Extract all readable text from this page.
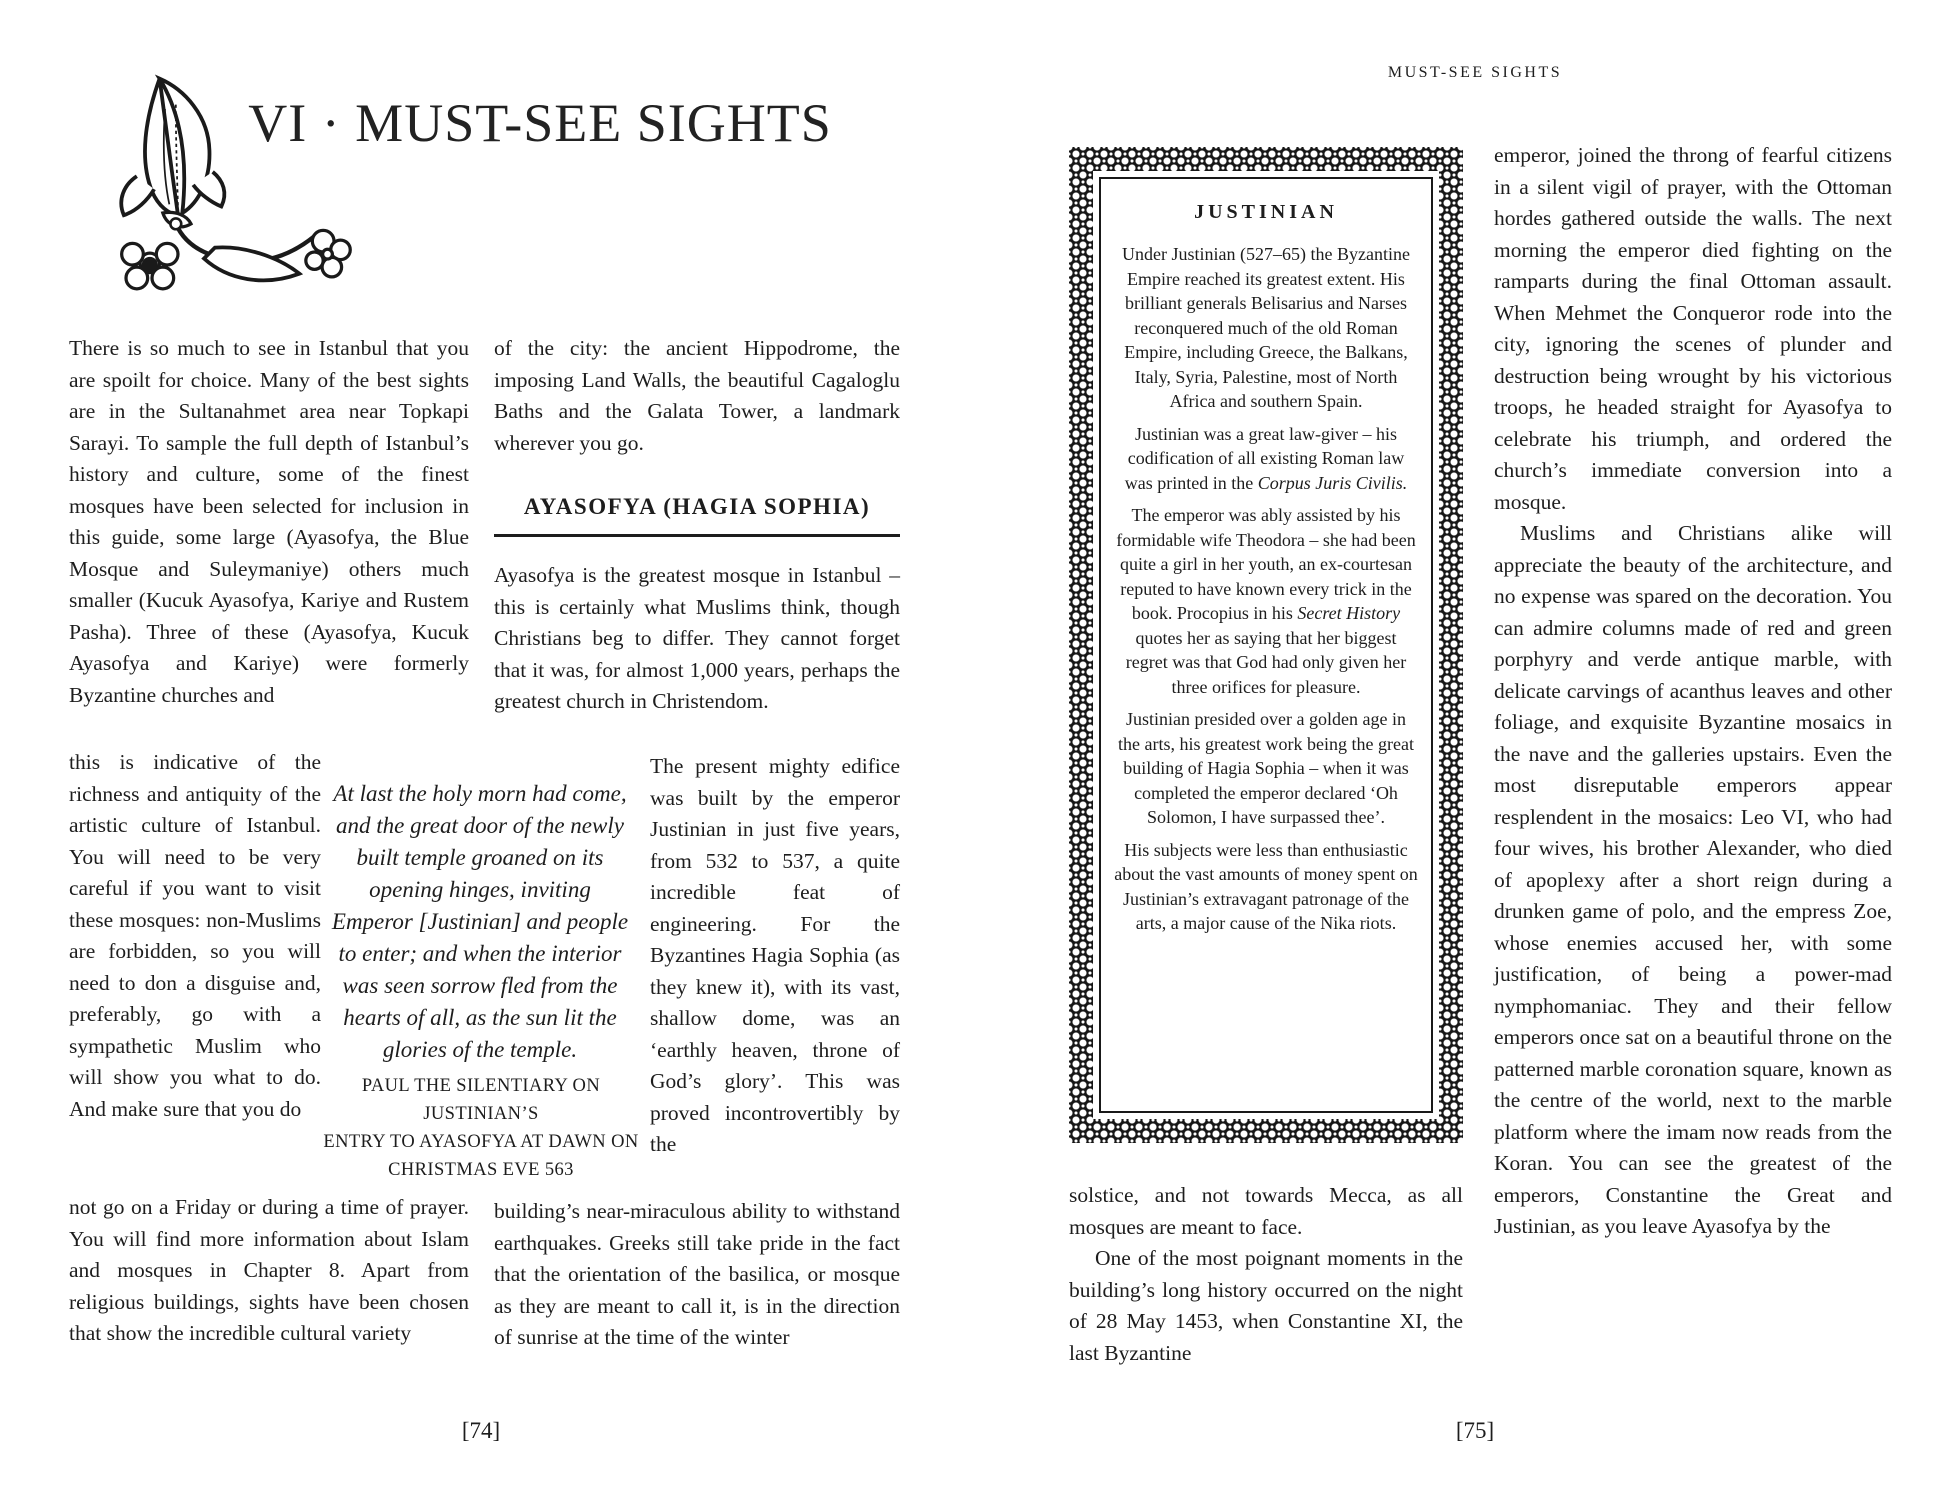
VI · MUST-SEE SIGHTS
There is so much to see in Istanbul that you are spoilt for choice. Many of the best sights are in the Sultanahmet area near Topkapi Sarayi. To sample the full depth of Istanbul’s history and culture, some of the finest mosques have been selected for inclusion in this guide, some large (Ayasofya, the Blue Mosque and Suleymaniye) others much smaller (Kucuk Ayasofya, Kariye and Rustem Pasha). Three of these (Ayasofya, Kucuk Ayasofya and Kariye) were formerly Byzantine churches and
this is indicative of the richness and antiquity of the artistic culture of Istanbul. You will need to be very careful if you want to visit these mosques: non-Muslims are forbidden, so you will need to don a disguise and, preferably, go with a sympathetic Muslim who will show you what to do. And make sure that you do
not go on a Friday or during a time of prayer. You will find more information about Islam and mosques in Chapter 8. Apart from religious buildings, sights have been chosen that show the incredible cultural variety
At last the holy morn had come, and the great door of the newly built temple groaned on its opening hinges, inviting Emperor [Justinian] and people to enter; and when the interior was seen sorrow fled from the hearts of all, as the sun lit the glories of the temple.
PAUL THE SILENTIARY ON JUSTINIAN’S
ENTRY TO AYASOFYA AT DAWN ON
CHRISTMAS EVE 563
of the city: the ancient Hippodrome, the imposing Land Walls, the beautiful Cagaloglu Baths and the Galata Tower, a landmark wherever you go.
AYASOFYA (HAGIA SOPHIA)
Ayasofya is the greatest mosque in Istanbul – this is certainly what Muslims think, though Christians beg to differ. They cannot forget that it was, for almost 1,000 years, perhaps the greatest church in Christendom.
The present mighty edifice was built by the emperor Justinian in just five years, from 532 to 537, a quite incredible feat of engineering. For the Byzantines Hagia Sophia (as they knew it), with its vast, shallow dome, was an ‘earthly heaven, throne of God’s glory’. This was proved incontrovertibly by the
building’s near-miraculous ability to withstand earthquakes. Greeks still take pride in the fact that the orientation of the basilica, or mosque as they are meant to call it, is in the direction of sunrise at the time of the winter
[74]
MUST-SEE SIGHTS
JUSTINIAN

Under Justinian (527–65) the Byzantine Empire reached its greatest extent. His brilliant generals Belisarius and Narses reconquered much of the old Roman Empire, including Greece, the Balkans, Italy, Syria, Palestine, most of North Africa and southern Spain.

Justinian was a great law-giver – his codification of all existing Roman law was printed in the Corpus Juris Civilis.

The emperor was ably assisted by his formidable wife Theodora – she had been quite a girl in her youth, an ex-courtesan reputed to have known every trick in the book. Procopius in his Secret History quotes her as saying that her biggest regret was that God had only given her three orifices for pleasure.

Justinian presided over a golden age in the arts, his greatest work being the great building of Hagia Sophia – when it was completed the emperor declared ‘Oh Solomon, I have surpassed thee’.

His subjects were less than enthusiastic about the vast amounts of money spent on Justinian’s extravagant patronage of the arts, a major cause of the Nika riots.

solstice, and not towards Mecca, as all mosques are meant to face.

One of the most poignant moments in the building’s long history occurred on the night of 28 May 1453, when Constantine XI, the last Byzantine

emperor, joined the throng of fearful citizens in a silent vigil of prayer, with the Ottoman hordes gathered outside the walls. The next morning the emperor died fighting on the ramparts during the final Ottoman assault. When Mehmet the Conqueror rode into the city, ignoring the scenes of plunder and destruction being wrought by his victorious troops, he headed straight for Ayasofya to celebrate his triumph, and ordered the church’s immediate conversion into a mosque.

Muslims and Christians alike will appreciate the beauty of the architecture, and no expense was spared on the decoration. You can admire columns made of red and green porphyry and verde antique marble, with delicate carvings of acanthus leaves and other foliage, and exquisite Byzantine mosaics in the nave and the galleries upstairs. Even the most disreputable emperors appear resplendent in the mosaics: Leo VI, who had four wives, his brother Alexander, who died of apoplexy after a short reign during a drunken game of polo, and the empress Zoe, whose enemies accused her, with some justification, of being a power-mad nymphomaniac. They and their fellow emperors once sat on a beautiful throne on the patterned marble coronation square, known as the centre of the world, next to the marble platform where the imam now reads from the Koran. You can see the greatest of the emperors, Constantine the Great and Justinian, as you leave Ayasofya by the

[75]
